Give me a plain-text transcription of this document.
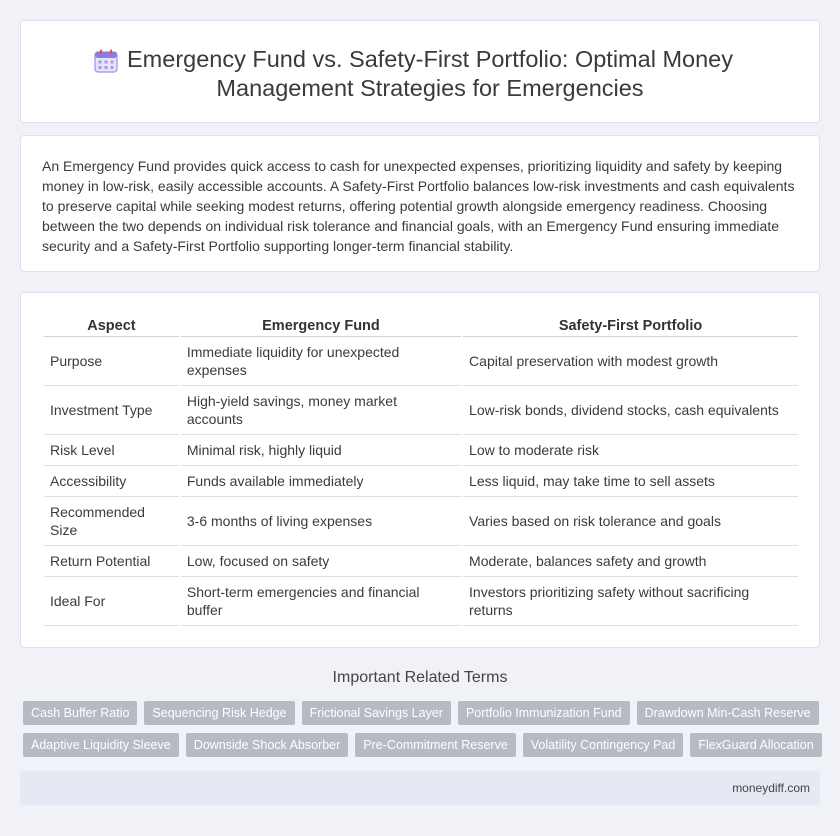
Emergency Fund vs. Safety-First Portfolio: Optimal Money Management Strategies for Emergencies

An Emergency Fund provides quick access to cash for unexpected expenses, prioritizing liquidity and safety by keeping money in low-risk, easily accessible accounts. A Safety-First Portfolio balances low-risk investments and cash equivalents to preserve capital while seeking modest returns, offering potential growth alongside emergency readiness. Choosing between the two depends on individual risk tolerance and financial goals, with an Emergency Fund ensuring immediate security and a Safety-First Portfolio supporting longer-term financial stability.

Aspect	Emergency Fund	Safety-First Portfolio
Purpose	Immediate liquidity for unexpected expenses	Capital preservation with modest growth
Investment Type	High-yield savings, money market accounts	Low-risk bonds, dividend stocks, cash equivalents
Risk Level	Minimal risk, highly liquid	Low to moderate risk
Accessibility	Funds available immediately	Less liquid, may take time to sell assets
Recommended Size	3-6 months of living expenses	Varies based on risk tolerance and goals
Return Potential	Low, focused on safety	Moderate, balances safety and growth
Ideal For	Short-term emergencies and financial buffer	Investors prioritizing safety without sacrificing returns
Important Related Terms
Cash Buffer Ratio	Sequencing Risk Hedge	Frictional Savings Layer	Portfolio Immunization Fund	Drawdown Min-Cash Reserve
Adaptive Liquidity Sleeve	Downside Shock Absorber	Pre-Commitment Reserve	Volatility Contingency Pad	FlexGuard Allocation
moneydiff.com
